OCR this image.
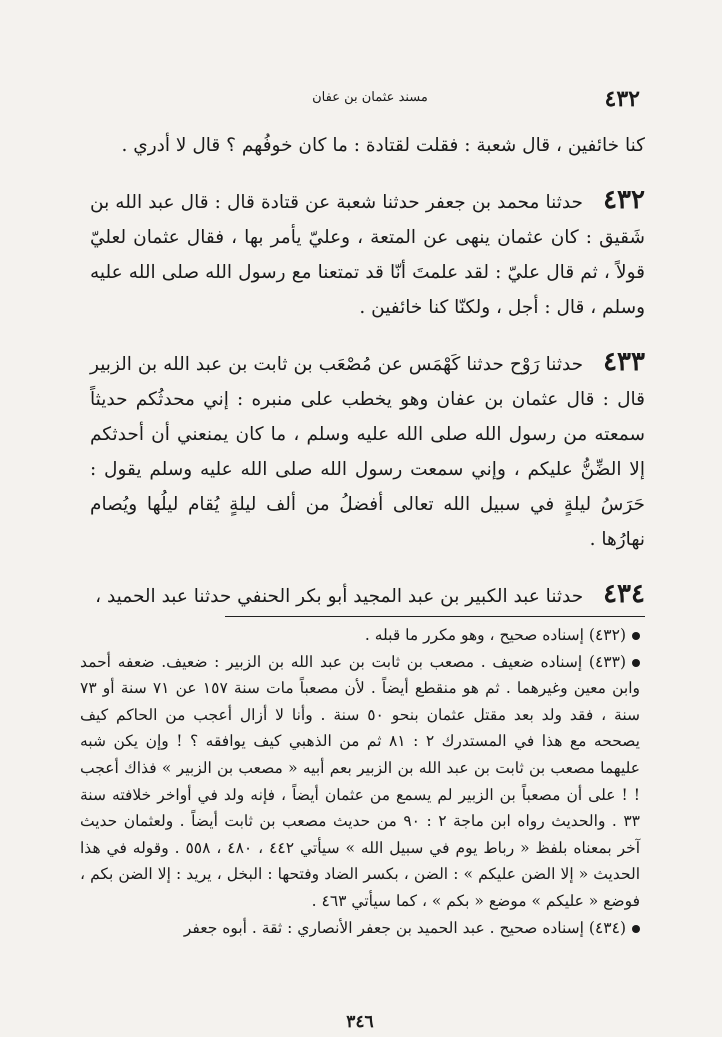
مسند عثمان بن عفان	٤٣٢

كنا خائفين ، قال شعبة : فقلت لقتادة : ما كان خوفُهم ؟ قال لا أدري .

٤٣٢ حدثنا محمد بن جعفر حدثنا شعبة عن قتادة قال : قال عبد الله بن شَقيق : كان عثمان ينهى عن المتعة ، وعليّ يأمر بها ، فقال عثمان لعليّ قولاً ، ثم قال عليّ : لقد علمتَ أنّا قد تمتعنا مع رسول الله صلى الله عليه وسلم ، قال : أجل ، ولكنّا كنا خائفين .

٤٣٣ حدثنا رَوْح حدثنا كَهْمَس عن مُصْعَب بن ثابت بن عبد الله بن الزبير قال : قال عثمان بن عفان وهو يخطب على منبره : إني محدثُكم حديثاً سمعته من رسول الله صلى الله عليه وسلم ، ما كان يمنعني أن أحدثكم إلا الضِّنُّ عليكم ، وإني سمعت رسول الله صلى الله عليه وسلم يقول : حَرَسُ ليلةٍ في سبيل الله تعالى أفضلُ من ألف ليلةٍ يُقام ليلُها ويُصام نهارُها .

٤٣٤ حدثنا عبد الكبير بن عبد المجيد أبو بكر الحنفي حدثنا عبد الحميد ،

(٤٣٢) إسناده صحيح ، وهو مكرر ما قبله .

(٤٣٣) إسناده ضعيف . مصعب بن ثابت بن عبد الله بن الزبير : ضعيف. ضعفه أحمد وابن معين وغيرهما . ثم هو منقطع أيضاً . لأن مصعباً مات سنة ١٥٧ عن ٧١ سنة أو ٧٣ سنة ، فقد ولد بعد مقتل عثمان بنحو ٥٠ سنة . وأنا لا أزال أعجب من الحاكم كيف يصححه مع هذا في المستدرك ٢ : ٨١ ثم من الذهبي كيف يوافقه ؟ ! وإن يكن شبه عليهما مصعب بن ثابت بن عبد الله بن الزبير بعم أبيه « مصعب بن الزبير » فذاك أعجب ! ! على أن مصعباً بن الزبير لم يسمع من عثمان أيضاً ، فإنه ولد في أواخر خلافته سنة ٣٣ . والحديث رواه ابن ماجة ٢ : ٩٠ من حديث مصعب بن ثابت أيضاً . ولعثمان حديث آخر بمعناه بلفظ « رباط يوم في سبيل الله » سيأتي ٤٤٢ ، ٤٨٠ ، ٥٥٨ . وقوله في هذا الحديث « إلا الضن عليكم » : الضن ، بكسر الضاد وفتحها : البخل ، يريد : إلا الضن بكم ، فوضع « عليكم » موضع « بكم » ، كما سيأتي ٤٦٣ .

(٤٣٤) إسناده صحيح . عبد الحميد بن جعفر الأنصاري : ثقة . أبوه جعفر

٣٤٦
